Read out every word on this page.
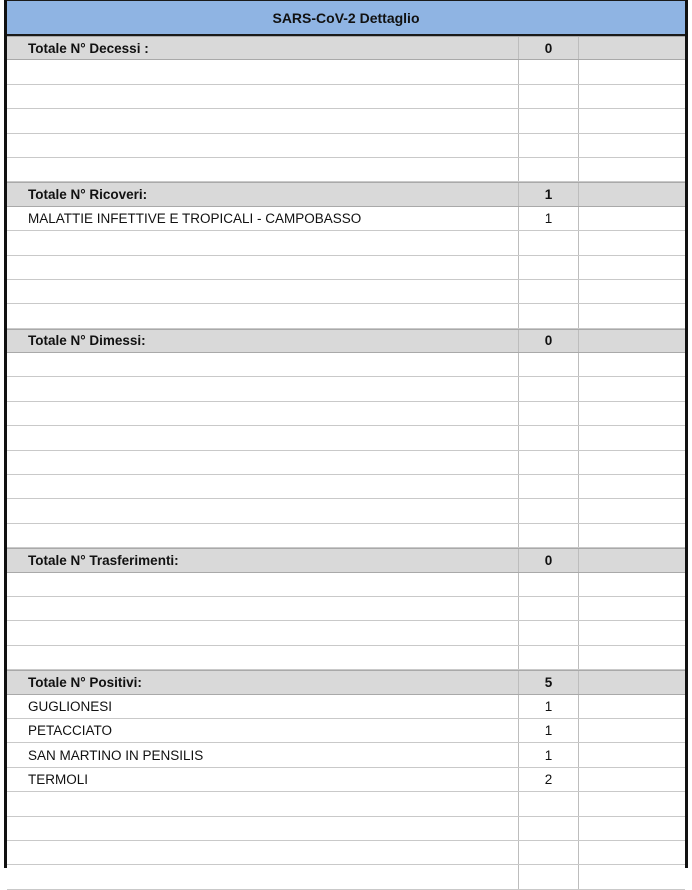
SARS-CoV-2 Dettaglio
Totale N° Decessi :	0
Totale N° Ricoveri:	1
MALATTIE INFETTIVE E TROPICALI - CAMPOBASSO	1
Totale N° Dimessi:	0
Totale N° Trasferimenti:	0
Totale N° Positivi:	5
GUGLIONESI	1
PETACCIATO	1
SAN MARTINO IN PENSILIS	1
TERMOLI	2
